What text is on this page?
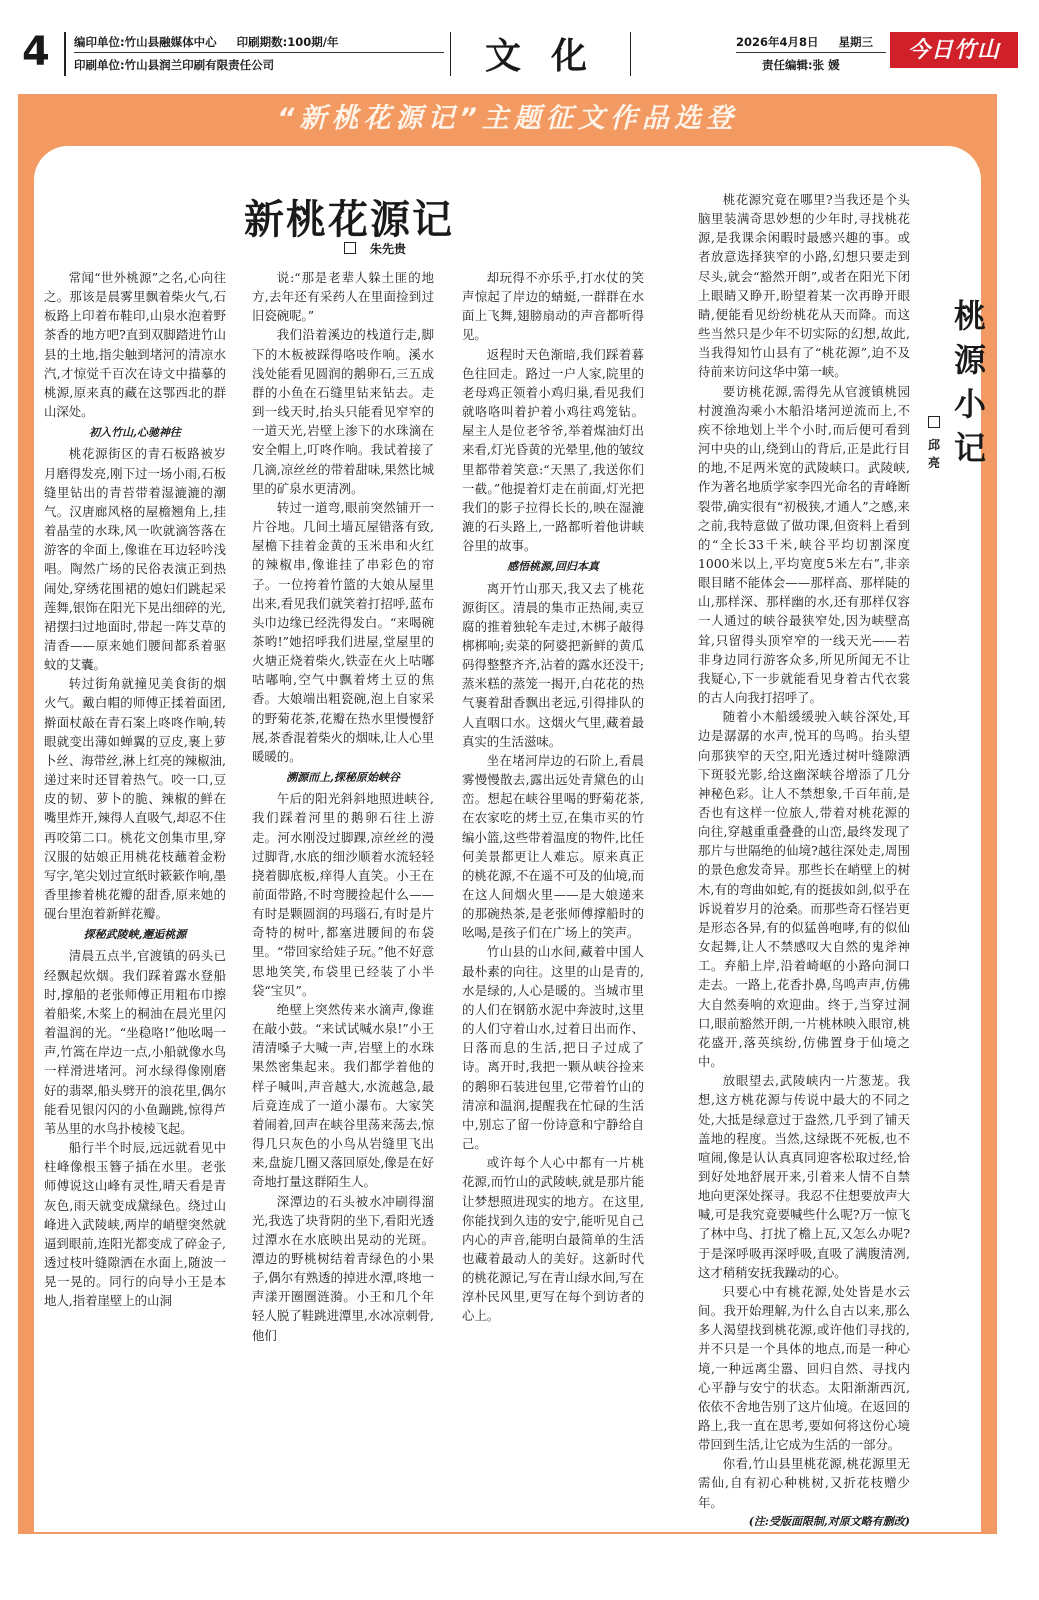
4 编印单位:竹山县融媒体中心 印刷期数:100期/年
印刷单位:竹山县润兰印刷有限责任公司	文化	2026年4月8日 星期三
责任编辑:张 媛
今日竹山
“新桃花源记”主题征文作品选登
新桃花源记
朱先贵

常闻“世外桃源”之名,心向往之。那该是晨雾里飘着柴火气,石板路上印着布鞋印,山泉水泡着野茶香的地方吧?直到双脚踏进竹山县的土地,指尖触到堵河的清凉水汽,才惊觉千百次在诗文中描摹的桃源,原来真的藏在这鄂西北的群山深处。

初入竹山,心驰神往

桃花源街区的青石板路被岁月磨得发亮,刚下过一场小雨,石板缝里钻出的青苔带着湿漉漉的潮气。汉唐廊风格的屋檐翘角上,挂着晶莹的水珠,风一吹就滴答落在游客的伞面上,像谁在耳边轻吟浅唱。陶然广场的民俗表演正到热闹处,穿绣花围裙的媳妇们跳起采莲舞,银饰在阳光下晃出细碎的光,裙摆扫过地面时,带起一阵艾草的清香——原来她们腰间都系着驱蚊的艾囊。

转过街角就撞见美食街的烟火气。戴白帽的师傅正揉着面团,擀面杖敲在青石案上咚咚作响,转眼就变出薄如蝉翼的豆皮,裹上萝卜丝、海带丝,淋上红亮的辣椒油,递过来时还冒着热气。咬一口,豆皮的韧、萝卜的脆、辣椒的鲜在嘴里炸开,辣得人直吸气,却忍不住再咬第二口。桃花文创集市里,穿汉服的姑娘正用桃花枝蘸着金粉写字,笔尖划过宣纸时簌簌作响,墨香里掺着桃花瓣的甜香,原来她的砚台里泡着新鲜花瓣。

探秘武陵峡,邂逅桃源

清晨五点半,官渡镇的码头已经飘起炊烟。我们踩着露水登船时,撑船的老张师傅正用粗布巾擦着船桨,木桨上的桐油在晨光里闪着温润的光。“坐稳咯!”他吆喝一声,竹篙在岸边一点,小船就像水鸟一样滑进堵河。河水绿得像刚磨好的翡翠,船头劈开的浪花里,偶尔能看见银闪闪的小鱼蹦跳,惊得芦苇丛里的水鸟扑棱棱飞起。

船行半个时辰,远远就看见中柱峰像根玉簪子插在水里。老张师傅说这山峰有灵性,晴天看是青灰色,雨天就变成黛绿色。绕过山峰进入武陵峡,两岸的峭壁突然就逼到眼前,连阳光都变成了碎金子,透过枝叶缝隙洒在水面上,随波一晃一晃的。同行的向导小王是本地人,指着崖壁上的山洞

说:“那是老辈人躲土匪的地方,去年还有采药人在里面捡到过旧瓷碗呢。”

我们沿着溪边的栈道行走,脚下的木板被踩得咯吱作响。溪水浅处能看见圆润的鹅卵石,三五成群的小鱼在石缝里钻来钻去。走到一线天时,抬头只能看见窄窄的一道天光,岩壁上渗下的水珠滴在安全帽上,叮咚作响。我试着接了几滴,凉丝丝的带着甜味,果然比城里的矿泉水更清冽。

转过一道弯,眼前突然铺开一片谷地。几间土墙瓦屋错落有致,屋檐下挂着金黄的玉米串和火红的辣椒串,像谁挂了串彩色的帘子。一位挎着竹篮的大娘从屋里出来,看见我们就笑着打招呼,蓝布头巾边缘已经洗得发白。“来喝碗茶哟!”她招呼我们进屋,堂屋里的火塘正烧着柴火,铁壶在火上咕嘟咕嘟响,空气中飘着烤土豆的焦香。大娘端出粗瓷碗,泡上自家采的野菊花茶,花瓣在热水里慢慢舒展,茶香混着柴火的烟味,让人心里暖暖的。

溯源而上,探秘原始峡谷

午后的阳光斜斜地照进峡谷,我们踩着河里的鹅卵石往上游走。河水刚没过脚踝,凉丝丝的漫过脚背,水底的细沙顺着水流轻轻挠着脚底板,痒得人直笑。小王在前面带路,不时弯腰捡起什么——有时是颗圆润的玛瑙石,有时是片奇特的树叶,都塞进腰间的布袋里。“带回家给娃子玩。”他不好意思地笑笑,布袋里已经装了小半袋“宝贝”。

绝壁上突然传来水滴声,像谁在敲小鼓。“来试试喊水泉!”小王清清嗓子大喊一声,岩壁上的水珠果然密集起来。我们都学着他的样子喊叫,声音越大,水流越急,最后竟连成了一道小瀑布。大家笑着闹着,回声在峡谷里荡来荡去,惊得几只灰色的小鸟从岩缝里飞出来,盘旋几圈又落回原处,像是在好奇地打量这群陌生人。

深潭边的石头被水冲刷得溜光,我选了块背阴的坐下,看阳光透过潭水在水底映出晃动的光斑。潭边的野桃树结着青绿色的小果子,偶尔有熟透的掉进水潭,咚地一声漾开圈圈涟漪。小王和几个年轻人脱了鞋跳进潭里,水冰凉刺骨,他们

却玩得不亦乐乎,打水仗的笑声惊起了岸边的蜻蜓,一群群在水面上飞舞,翅膀扇动的声音都听得见。

返程时天色渐暗,我们踩着暮色往回走。路过一户人家,院里的老母鸡正领着小鸡归巢,看见我们就咯咯叫着护着小鸡往鸡笼钻。屋主人是位老爷爷,举着煤油灯出来看,灯光昏黄的光晕里,他的皱纹里都带着笑意:“天黑了,我送你们一截。”他提着灯走在前面,灯光把我们的影子拉得长长的,映在湿漉漉的石头路上,一路都听着他讲峡谷里的故事。

感悟桃源,回归本真

离开竹山那天,我又去了桃花源街区。清晨的集市正热闹,卖豆腐的推着独轮车走过,木梆子敲得梆梆响;卖菜的阿婆把新鲜的黄瓜码得整整齐齐,沾着的露水还没干;蒸米糕的蒸笼一揭开,白花花的热气裹着甜香飘出老远,引得排队的人直咽口水。这烟火气里,藏着最真实的生活滋味。

坐在堵河岸边的石阶上,看晨雾慢慢散去,露出远处青黛色的山峦。想起在峡谷里喝的野菊花茶,在农家吃的烤土豆,在集市买的竹编小篮,这些带着温度的物件,比任何美景都更让人难忘。原来真正的桃花源,不在遥不可及的仙境,而在这人间烟火里——是大娘递来的那碗热茶,是老张师傅撑船时的吆喝,是孩子们在广场上的笑声。

竹山县的山水间,藏着中国人最朴素的向往。这里的山是青的,水是绿的,人心是暖的。当城市里的人们在钢筋水泥中奔波时,这里的人们守着山水,过着日出而作、日落而息的生活,把日子过成了诗。离开时,我把一颗从峡谷捡来的鹅卵石装进包里,它带着竹山的清凉和温润,提醒我在忙碌的生活中,别忘了留一份诗意和宁静给自己。

或许每个人心中都有一片桃花源,而竹山的武陵峡,就是那片能让梦想照进现实的地方。在这里,你能找到久违的安宁,能听见自己内心的声音,能明白最简单的生活也藏着最动人的美好。这新时代的桃花源记,写在青山绿水间,写在淳朴民风里,更写在每个到访者的心上。

桃花源究竟在哪里?当我还是个头脑里装满奇思妙想的少年时,寻找桃花源,是我课余闲暇时最感兴趣的事。或者放意选择狭窄的小路,幻想只要走到尽头,就会“豁然开朗”,或者在阳光下闭上眼睛又睁开,盼望着某一次再睁开眼睛,便能看见纷纷桃花从天而降。而这些当然只是少年不切实际的幻想,故此,当我得知竹山县有了“桃花源”,迫不及待前来访问这华中第一峡。

要访桃花源,需得先从官渡镇桃园村渡渔沟乘小木船沿堵河逆流而上,不疾不徐地划上半个小时,而后便可看到河中央的山,绕到山的背后,正是此行目的地,不足两米宽的武陵峡口。武陵峡,作为著名地质学家李四光命名的青峰断裂带,确实很有“初极狭,才通人”之感,来之前,我特意做了做功课,但资料上看到的“全长33千米,峡谷平均切割深度1000米以上,平均宽度5米左右”,非亲眼目睹不能体会——那样高、那样陡的山,那样深、那样幽的水,还有那样仅容一人通过的峡谷最狭窄处,因为峡壁高耸,只留得头顶窄窄的一线天光——若非身边同行游客众多,所见所闻无不让我疑心,下一步就能看见身着古代衣裳的古人向我打招呼了。

随着小木船缓缓驶入峡谷深处,耳边是潺潺的水声,悦耳的鸟鸣。抬头望向那狭窄的天空,阳光透过树叶缝隙洒下斑驳光影,给这幽深峡谷增添了几分神秘色彩。让人不禁想象,千百年前,是否也有这样一位旅人,带着对桃花源的向往,穿越重重叠叠的山峦,最终发现了那片与世隔绝的仙境?越往深处走,周围的景色愈发奇异。那些长在峭壁上的树木,有的弯曲如蛇,有的挺拔如剑,似乎在诉说着岁月的沧桑。而那些奇石怪岩更是形态各异,有的似猛兽咆哮,有的似仙女起舞,让人不禁感叹大自然的鬼斧神工。弃船上岸,沿着崎岖的小路向洞口走去。一路上,花香扑鼻,鸟鸣声声,仿佛大自然奏响的欢迎曲。终于,当穿过洞口,眼前豁然开朗,一片桃林映入眼帘,桃花盛开,落英缤纷,仿佛置身于仙境之中。

放眼望去,武陵峡内一片葱茏。我想,这方桃花源与传说中最大的不同之处,大抵是绿意过于盎然,几乎到了铺天盖地的程度。当然,这绿既不死板,也不喧闹,像是认认真真同迎客松取过经,恰到好处地舒展开来,引着来人情不自禁地向更深处探寻。我忍不住想要放声大喊,可是我究竟要喊些什么呢?万一惊飞了林中鸟、打扰了檐上瓦,又怎么办呢?于是深呼吸再深呼吸,直吸了满腹清冽,这才稍稍安抚我躁动的心。

只要心中有桃花源,处处皆是水云间。我开始理解,为什么自古以来,那么多人渴望找到桃花源,或许他们寻找的,并不只是一个具体的地点,而是一种心境,一种远离尘嚣、回归自然、寻找内心平静与安宁的状态。太阳渐渐西沉,依依不舍地告别了这片仙境。在返回的路上,我一直在思考,要如何将这份心境带回到生活,让它成为生活的一部分。

你看,竹山县里桃花源,桃花源里无需仙,自有初心种桃树,又折花枝赠少年。

(注:受版面限制,对原文略有删改)

桃源小记
邱
亮
